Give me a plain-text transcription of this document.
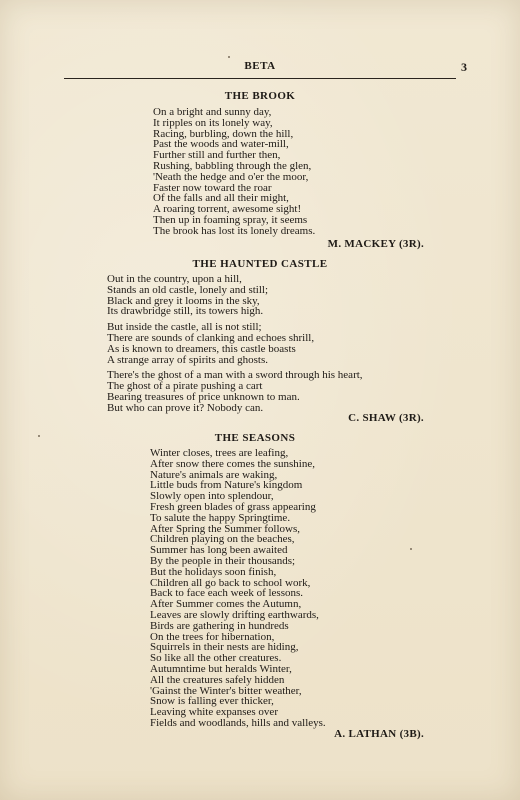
BETA	3
THE BROOK
On a bright and sunny day,
It ripples on its lonely way,
Racing, burbling, down the hill,
Past the woods and water-mill,
Further still and further then,
Rushing, babbling through the glen,
'Neath the hedge and o'er the moor,
Faster now toward the roar
Of the falls and all their might,
A roaring torrent, awesome sight!
Then up in foaming spray, it seems
The brook has lost its lonely dreams.
M. MACKEY (3R).
THE HAUNTED CASTLE
Out in the country, upon a hill,
Stands an old castle, lonely and still;
Black and grey it looms in the sky,
Its drawbridge still, its towers high.
But inside the castle, all is not still;
There are sounds of clanking and echoes shrill,
As is known to dreamers, this castle boasts
A strange array of spirits and ghosts.
There's the ghost of a man with a sword through his heart,
The ghost of a pirate pushing a cart
Bearing treasures of price unknown to man.
But who can prove it? Nobody can.
C. SHAW (3R).
THE SEASONS
Winter closes, trees are leafing,
After snow there comes the sunshine,
Nature's animals are waking,
Little buds from Nature's kingdom
Slowly open into splendour,
Fresh green blades of grass appearing
To salute the happy Springtime.
After Spring the Summer follows,
Children playing on the beaches,
Summer has long been awaited
By the people in their thousands;
But the holidays soon finish,
Children all go back to school work,
Back to face each week of lessons.
After Summer comes the Autumn,
Leaves are slowly drifting earthwards,
Birds are gathering in hundreds
On the trees for hibernation,
Squirrels in their nests are hiding,
So like all the other creatures.
Autumntime but heralds Winter,
All the creatures safely hidden
'Gainst the Winter's bitter weather,
Snow is falling ever thicker,
Leaving white expanses over
Fields and woodlands, hills and valleys.
A. LATHAN (3B).
